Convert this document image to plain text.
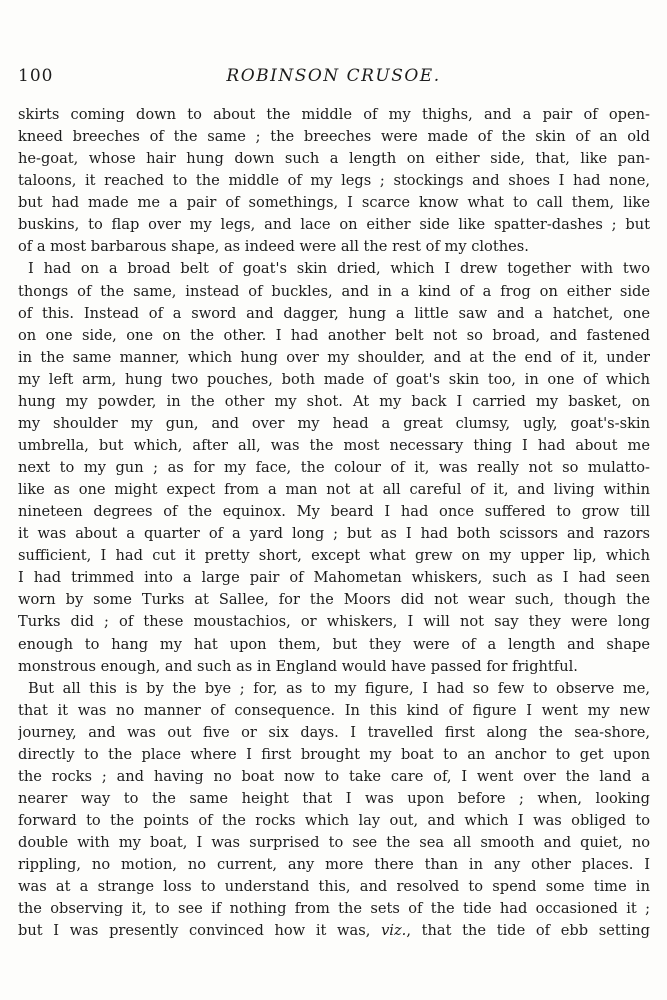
100	ROBINSON CRUSOE.
skirts coming down to about the middle of my thighs, and a pair of open-
kneed breeches of the same ; the breeches were made of the skin of an old
he-goat, whose hair hung down such a length on either side, that, like pan-
taloons, it reached to the middle of my legs ; stockings and shoes I had none,
but had made me a pair of somethings, I scarce know what to call them, like
buskins, to flap over my legs, and lace on either side like spatter-dashes ; but
of a most barbarous shape, as indeed were all the rest of my clothes.
I had on a broad belt of goat's skin dried, which I drew together with two
thongs of the same, instead of buckles, and in a kind of a frog on either side
of this. Instead of a sword and dagger, hung a little saw and a hatchet, one
on one side, one on the other. I had another belt not so broad, and fastened
in the same manner, which hung over my shoulder, and at the end of it, under
my left arm, hung two pouches, both made of goat's skin too, in one of which
hung my powder, in the other my shot. At my back I carried my basket, on
my shoulder my gun, and over my head a great clumsy, ugly, goat's-skin
umbrella, but which, after all, was the most necessary thing I had about me
next to my gun ; as for my face, the colour of it, was really not so mulatto-
like as one might expect from a man not at all careful of it, and living within
nineteen degrees of the equinox. My beard I had once suffered to grow till
it was about a quarter of a yard long ; but as I had both scissors and razors
sufficient, I had cut it pretty short, except what grew on my upper lip, which
I had trimmed into a large pair of Mahometan whiskers, such as I had seen
worn by some Turks at Sallee, for the Moors did not wear such, though the
Turks did ; of these moustachios, or whiskers, I will not say they were long
enough to hang my hat upon them, but they were of a length and shape
monstrous enough, and such as in England would have passed for frightful.
But all this is by the bye ; for, as to my figure, I had so few to observe me,
that it was no manner of consequence. In this kind of figure I went my new
journey, and was out five or six days. I travelled first along the sea-shore,
directly to the place where I first brought my boat to an anchor to get upon
the rocks ; and having no boat now to take care of, I went over the land a
nearer way to the same height that I was upon before ; when, looking
forward to the points of the rocks which lay out, and which I was obliged to
double with my boat, I was surprised to see the sea all smooth and quiet, no
rippling, no motion, no current, any more there than in any other places. I
was at a strange loss to understand this, and resolved to spend some time in
the observing it, to see if nothing from the sets of the tide had occasioned it ;
but I was presently convinced how it was, viz., that the tide of ebb setting
